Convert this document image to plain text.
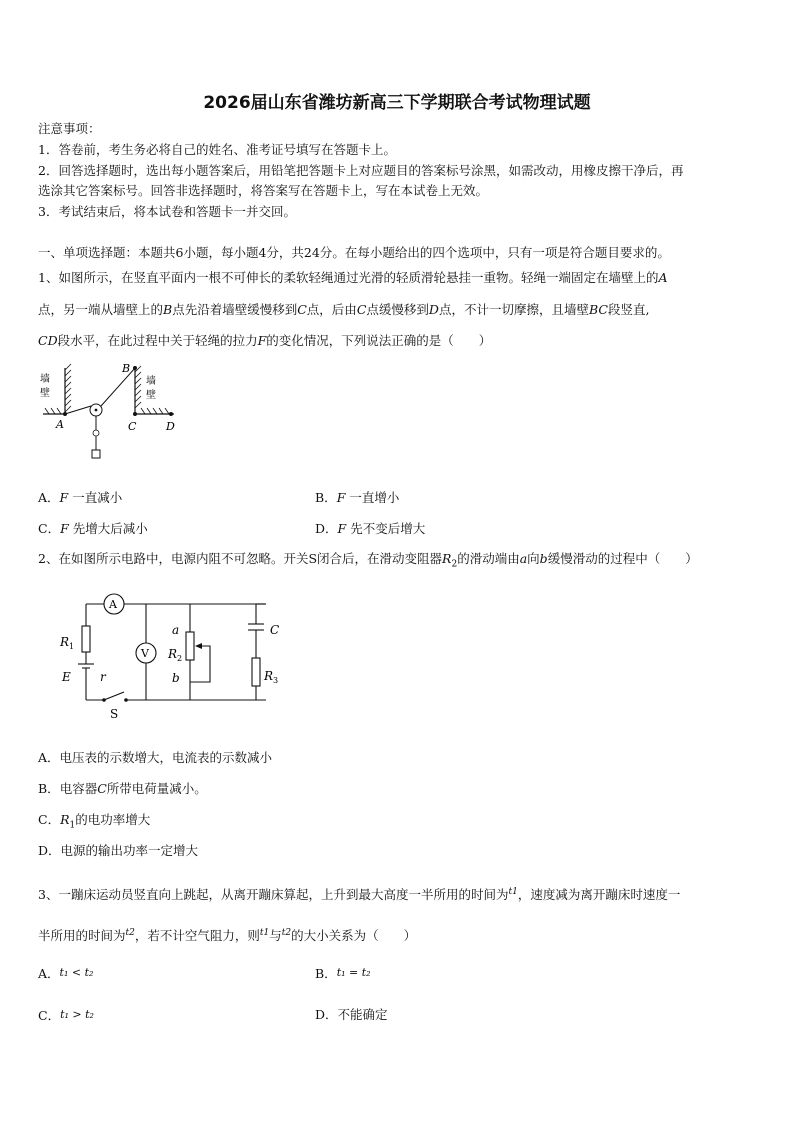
2026届山东省潍坊新高三下学期联合考试物理试题
注意事项：
1．答卷前，考生务必将自己的姓名、准考证号填写在答题卡上。
2．回答选择题时，选出每小题答案后，用铅笔把答题卡上对应题目的答案标号涂黑，如需改动，用橡皮擦干净后，再
选涂其它答案标号。回答非选择题时，将答案写在答题卡上，写在本试卷上无效。
3．考试结束后，将本试卷和答题卡一并交回。
一、单项选择题：本题共6小题，每小题4分，共24分。在每小题给出的四个选项中，只有一项是符合题目要求的。
1、如图所示，在竖直平面内一根不可伸长的柔软轻绳通过光滑的轻质滑轮悬挂一重物。轻绳一端固定在墙壁上的A
点，另一端从墙壁上的B点先沿着墙壁缓慢移到C点，后由C点缓慢移到D点，不计一切摩擦，且墙壁BC段竖直,
CD段水平，在此过程中关于轻绳的拉力F的变化情况，下列说法正确的是（　　）
墙
壁
墙
壁
A
B
C	D
A．F 一直减小	B．F 一直增小
C．F 先增大后减小	D．F 先不变后增大
2、在如图所示电路中，电源内阻不可忽略。开关S闭合后，在滑动变阻器$R_2$的滑动端由a向b缓慢滑动的过程中（　　）
A
V
$R_1$
E r
S
a
$R_2$
b
C
$R_3$
A．电压表的示数增大，电流表的示数减小
B．电容器C所带电荷量减小。
C．$R_1$的电功率增大
D．电源的输出功率一定增大
3、一蹦床运动员竖直向上跳起，从离开蹦床算起，上升到最大高度一半所用的时间为$^{t1}$，速度减为离开蹦床时速度一
半所用的时间为$^{t2}$，若不计空气阻力，则$^{t1}$与$^{t2}$的大小关系为（　　）
A．t₁ < t₂	B．t₁ = t₂
C．t₁ > t₂	D．不能确定
